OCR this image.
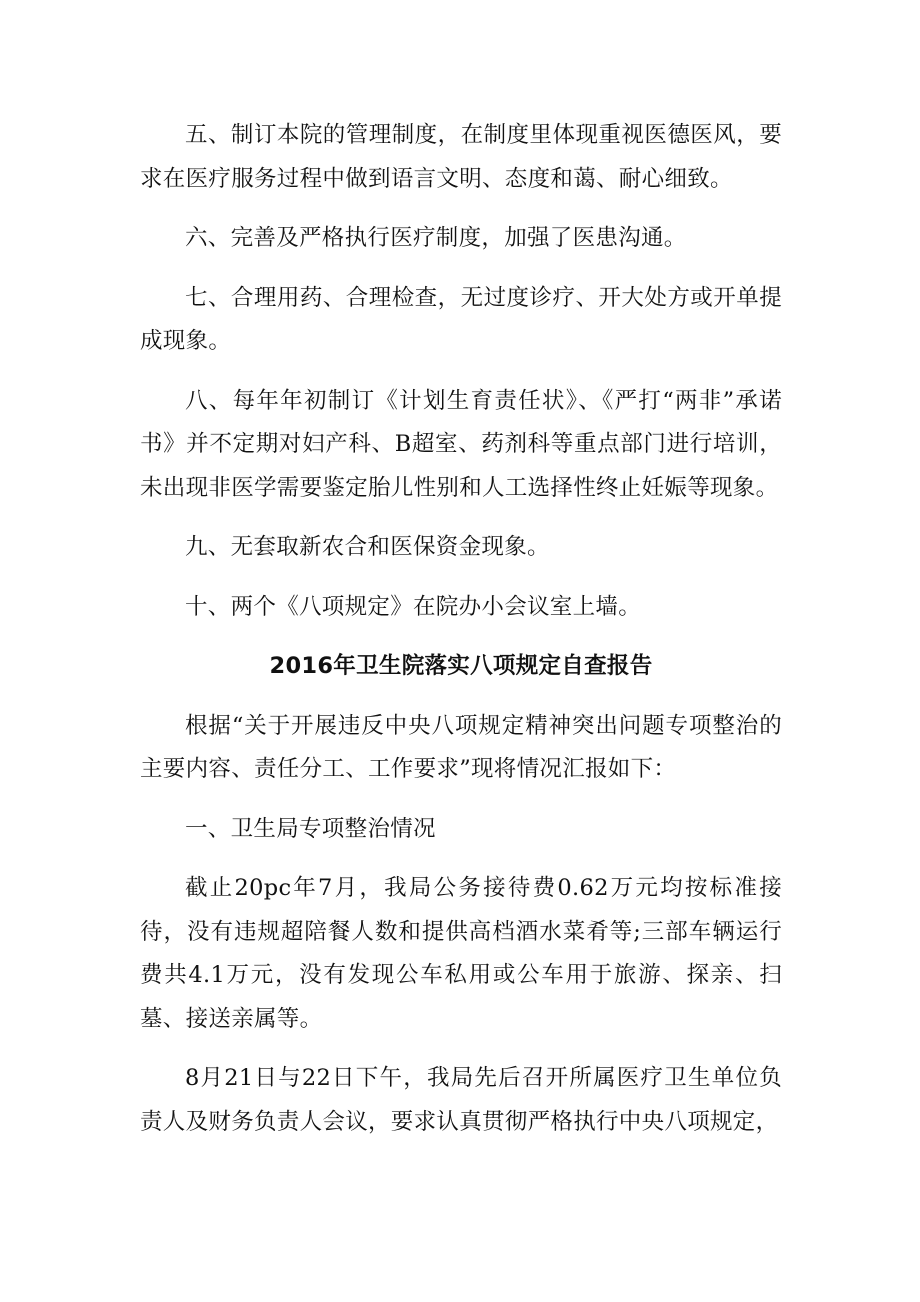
五、制订本院的管理制度，在制度里体现重视医德医风，要求在医疗服务过程中做到语言文明、态度和蔼、耐心细致。

六、完善及严格执行医疗制度，加强了医患沟通。

七、合理用药、合理检查，无过度诊疗、开大处方或开单提成现象。

八、每年年初制订《计划生育责任状》、《严打“两非”承诺书》并不定期对妇产科、B超室、药剂科等重点部门进行培训，未出现非医学需要鉴定胎儿性别和人工选择性终止妊娠等现象。

九、无套取新农合和医保资金现象。

十、两个《八项规定》在院办小会议室上墙。

2016年卫生院落实八项规定自查报告

根据“关于开展违反中央八项规定精神突出问题专项整治的主要内容、责任分工、工作要求”现将情况汇报如下：

一、卫生局专项整治情况

截止20pc年7月，我局公务接待费0.62万元均按标准接待，没有违规超陪餐人数和提供高档酒水菜肴等;三部车辆运行费共4.1万元，没有发现公车私用或公车用于旅游、探亲、扫墓、接送亲属等。

8月21日与22日下午，我局先后召开所属医疗卫生单位负责人及财务负责人会议，要求认真贯彻严格执行中央八项规定，
